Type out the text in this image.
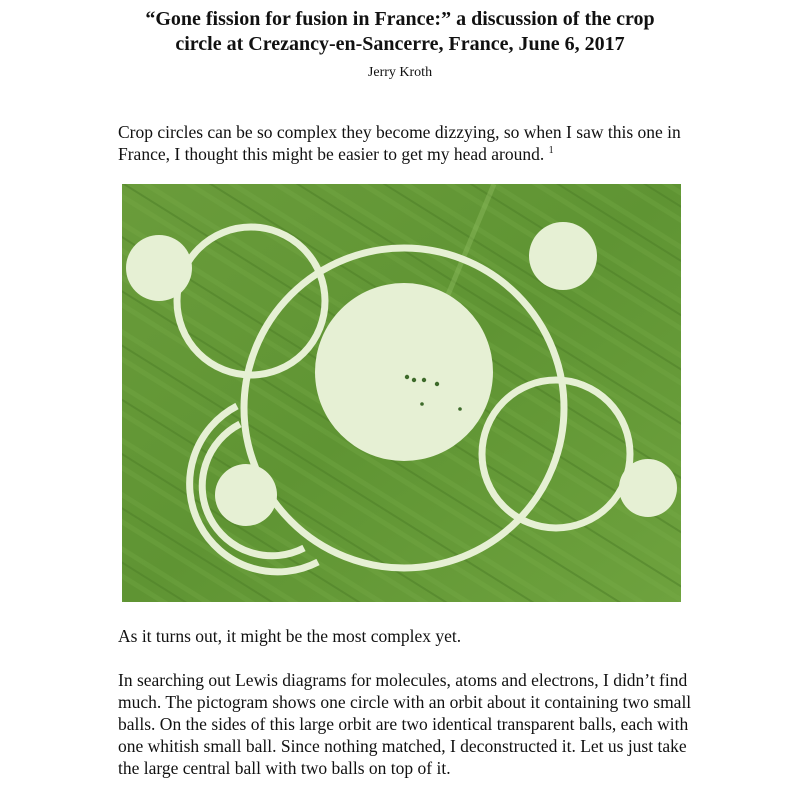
“Gone fission for fusion in France:” a discussion of the crop
circle at Crezancy-en-Sancerre, France, June 6, 2017
Jerry Kroth

Crop circles can be so complex they become dizzying, so when I saw this one in France, I thought this might be easier to get my head around. $^1$

As it turns out, it might be the most complex yet.

In searching out Lewis diagrams for molecules, atoms and electrons, I didn’t find much. The pictogram shows one circle with an orbit about it containing two small balls. On the sides of this large orbit are two identical transparent balls, each with one whitish small ball. Since nothing matched, I deconstructed it. Let us just take the large central ball with two balls on top of it.
